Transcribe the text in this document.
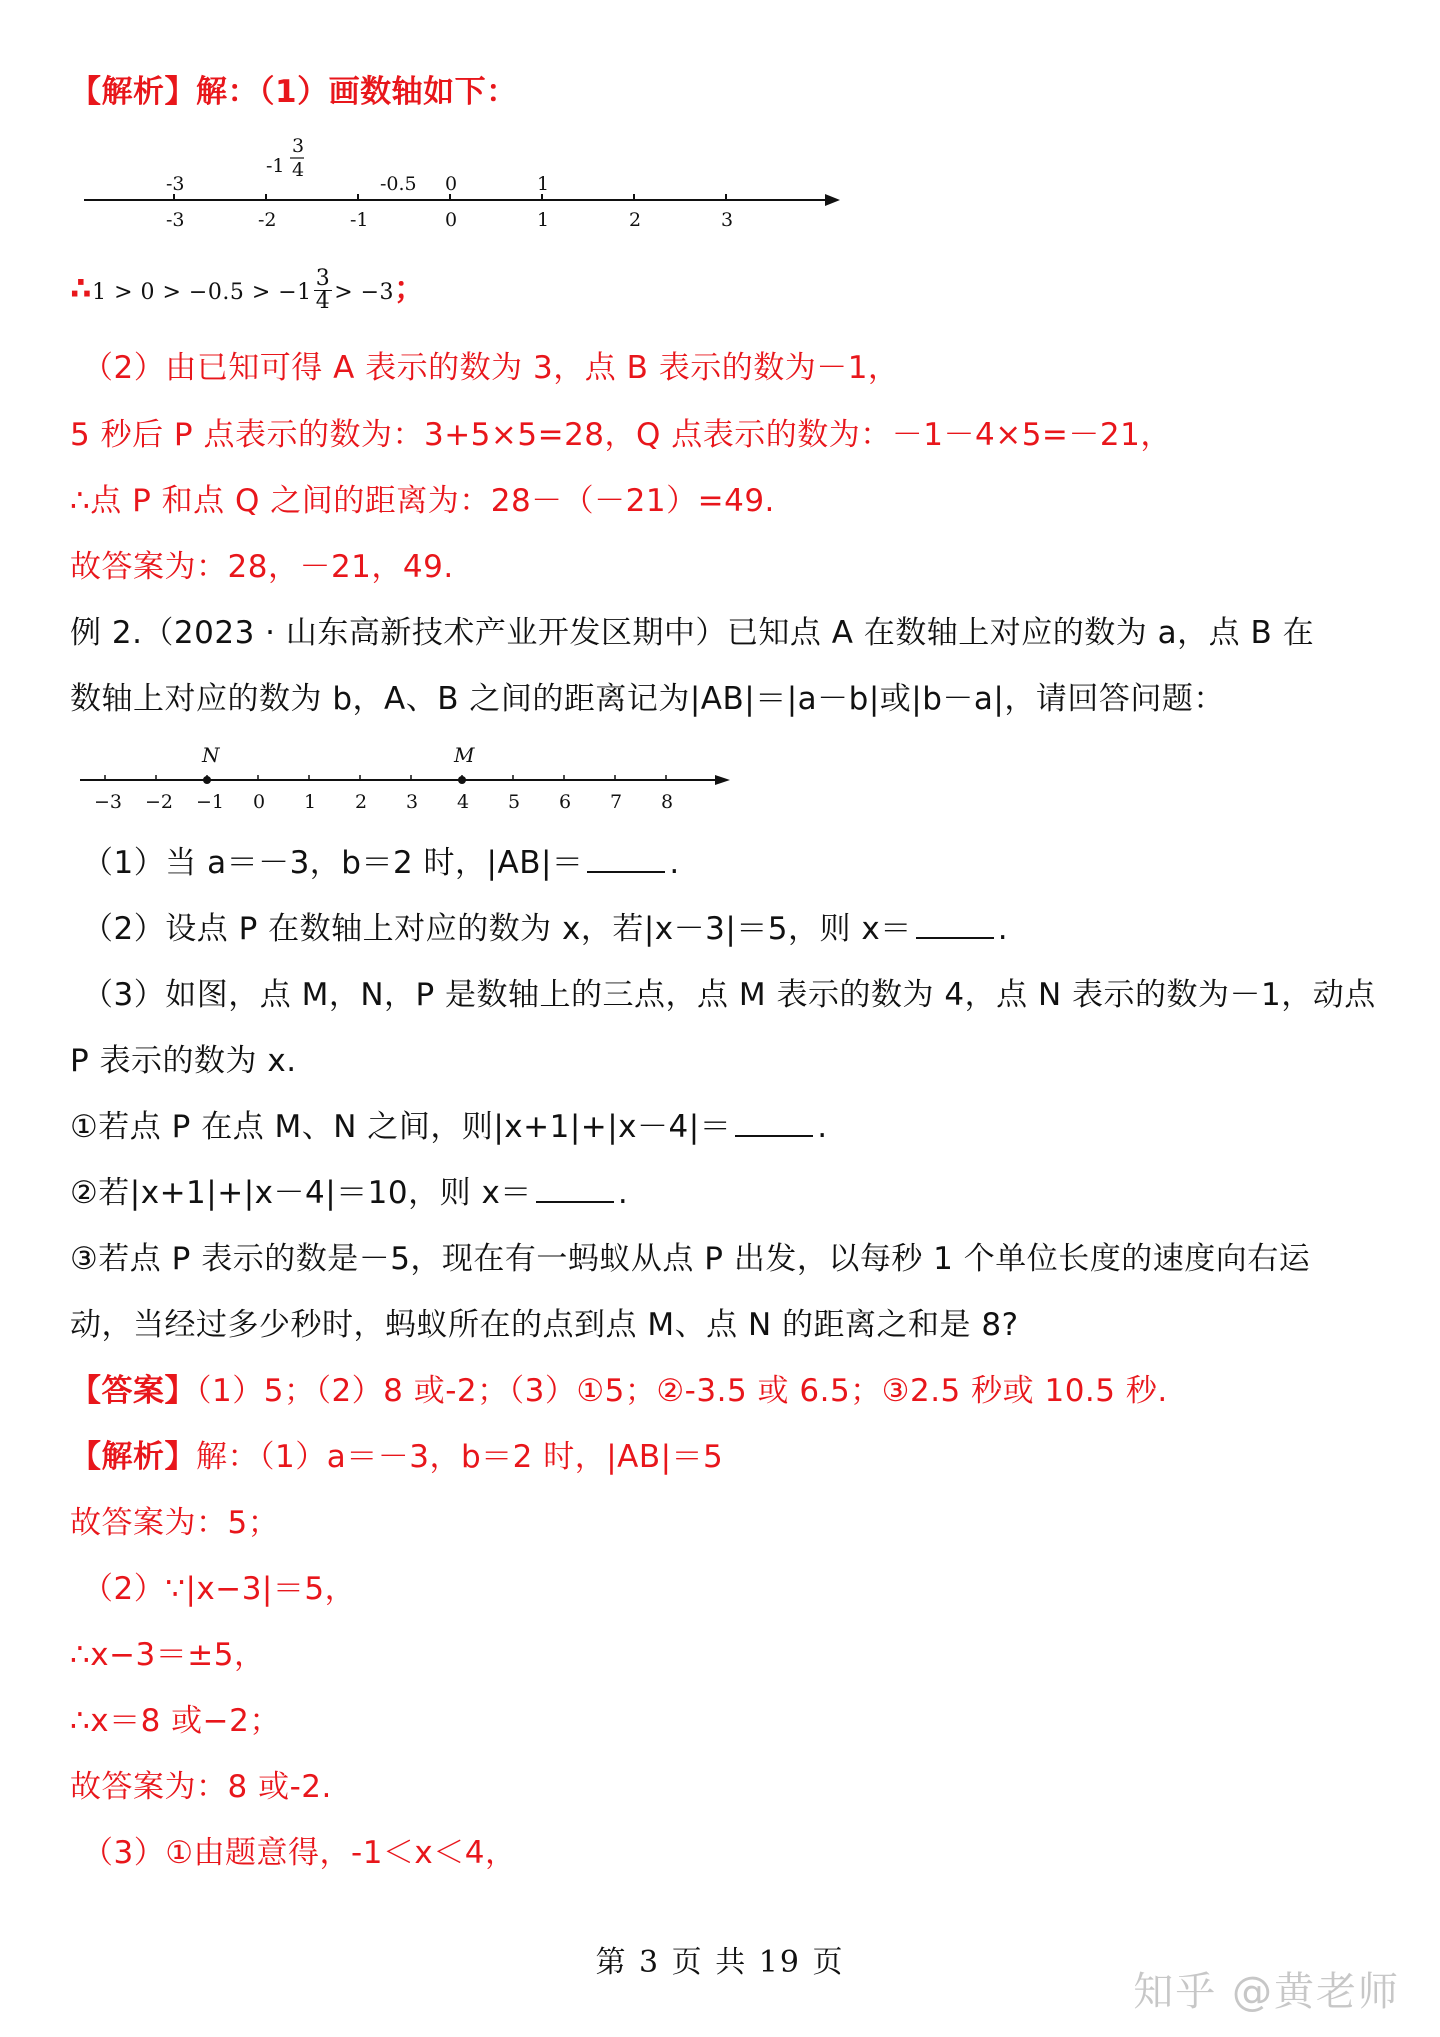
【解析】解：（1）画数轴如下：
-3	-2	-1	0	1	2	3
-3
-1
3
4
-0.5 0	1
∴1 > $0 > -0.5 > -1 \frac{3}{4} > -3$；
（2）由已知可得 A 表示的数为 3，点 B 表示的数为－1，
5 秒后 P 点表示的数为：3+5×5=28，Q 点表示的数为：－1－4×5=－21，
∴点 P 和点 Q 之间的距离为：28－（－21）=49.
故答案为：28，－21，49.
例 2.（2023 · 山东高新技术产业开发区期中）已知点 A 在数轴上对应的数为 a，点 B 在
数轴上对应的数为 b，A、B 之间的距离记为|AB|＝|a－b|或|b－a|，请回答问题：
N	M
−3 −2 −1 0 1 2 3 4 5 6 7 8
（1）当 a＝－3，b＝2 时，|AB|＝	.
（2）设点 P 在数轴上对应的数为 x，若|x－3|＝5，则 x＝	.
（3）如图，点 M，N，P 是数轴上的三点，点 M 表示的数为 4，点 N 表示的数为－1，动点
P 表示的数为 x.
①若点 P 在点 M、N 之间，则|x+1|+|x－4|＝	.
②若|x+1|+|x－4|＝10，则 x＝	.
③若点 P 表示的数是－5，现在有一蚂蚁从点 P 出发，以每秒 1 个单位长度的速度向右运
动，当经过多少秒时，蚂蚁所在的点到点 M、点 N 的距离之和是 8?
【答案】（1）5；（2）8 或-2；（3）①5；②-3.5 或 6.5；③2.5 秒或 10.5 秒.
【解析】解：（1）a＝－3，b＝2 时，|AB|＝5
故答案为：5；
（2）∵|x−3|＝5，
∴x−3＝±5，
∴x＝8 或−2；
故答案为：8 或-2.
（3）①由题意得，-1＜x＜4，
第 3 页 共 19 页
知乎 @黄老师
